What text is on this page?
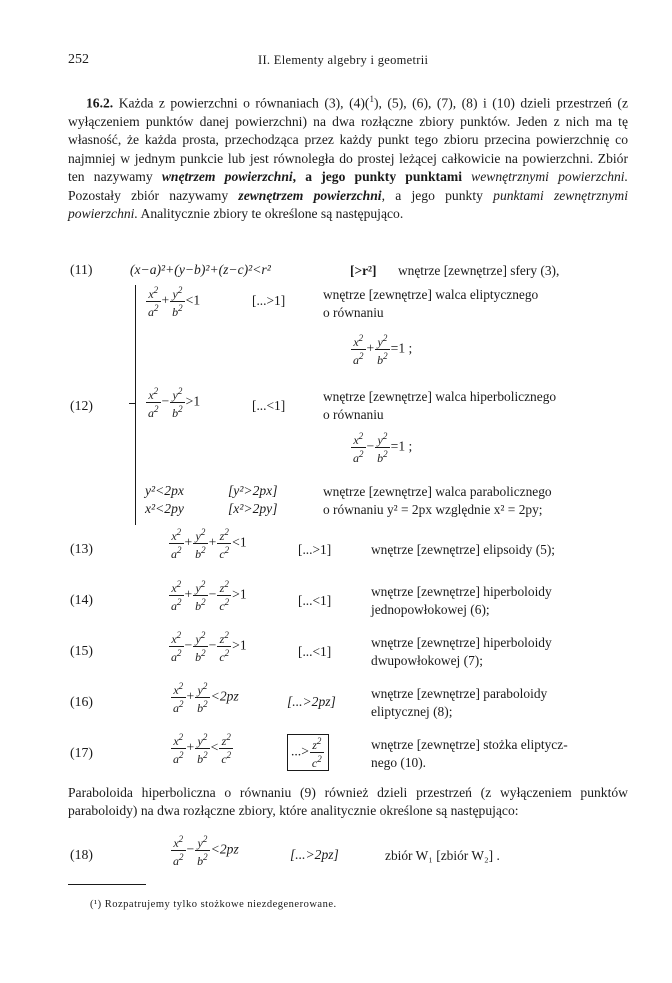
252	II. Elementy algebry i geometrii
16.2. Każda z powierzchni o równaniach (3), (4)($^1$), (5), (6), (7), (8) i (10) dzieli przestrzeń (z wyłączeniem punktów danej powierzchni) na dwa rozłączne zbiory punktów. Jeden z nich ma tę własność, że każda prosta, przechodząca przez każdy punkt tego zbioru przecina powierzchnię co najmniej w jednym punkcie lub jest równoległa do prostej leżącej całkowicie na powierzchni. Zbiór ten nazywamy wnętrzem powierzchni, a jego punkty punktami wewnętrznymi powierzchni. Pozostały zbiór nazywamy zewnętrzem powierzchni, a jego punkty punktami zewnętrznymi powierzchni. Analitycznie zbiory te określone są następująco.
(11)	(x−a)²+(y−b)²+(z−c)²<r²	[>r²] wnętrze [zewnętrze] sfery (3),
(12)
$\frac{x^2}{a^2} + \frac{y^2}{b^2} <1$	[...>1]	wnętrze [zewnętrze] walca eliptycznego
o równaniu
$\frac{x^2}{a^2} + \frac{y^2}{b^2} =1$ ;
$\frac{x^2}{a^2} - \frac{y^2}{b^2} >1$	[...<1]
wnętrze [zewnętrze] walca hiperbolicznego
o równaniu
$\frac{x^2}{a^2} - \frac{y^2}{b^2} =1$ ;
y²<2px	[y²>2px]
x²<2py	[x²>2py]
wnętrze [zewnętrze] walca parabolicznego
o równaniu y² = 2px względnie x² = 2py;
(13)	$\frac{x^2}{a^2} + \frac{y^2}{b^2} + \frac{z^2}{c^2} <1$	[...>1]	wnętrze [zewnętrze] elipsoidy (5);
(14)	$\frac{x^2}{a^2} + \frac{y^2}{b^2} - \frac{z^2}{c^2} >1$	[...<1]
wnętrze [zewnętrze] hiperboloidy
jednopowłokowej (6);
(15)	$\frac{x^2}{a^2} - \frac{y^2}{b^2} - \frac{z^2}{c^2} >1$	[...<1]
wnętrze [zewnętrze] hiperboloidy
dwupowłokowej (7);
(16)	$\frac{x^2}{a^2} + \frac{y^2}{b^2} <2pz$	[...>2pz]
wnętrze [zewnętrze] paraboloidy
eliptycznej (8);
(17)	$\frac{x^2}{a^2} + \frac{y^2}{b^2} < \frac{z^2}{c^2}$	...> $\frac{z^2}{c^2}$	wnętrze [zewnętrze] stożka eliptycz-
nego (10).
Paraboloida hiperboliczna o równaniu (9) również dzieli przestrzeń (z wyłączeniem punktów paraboloidy) na dwa rozłączne zbiory, które analitycznie określone są następująco:
(18)	$\frac{x^2}{a^2} - \frac{y^2}{b^2} <2pz$	[...>2pz]	zbiór W₁ [zbiór W₂] .
(¹) Rozpatrujemy tylko stożkowe niezdegenerowane.
